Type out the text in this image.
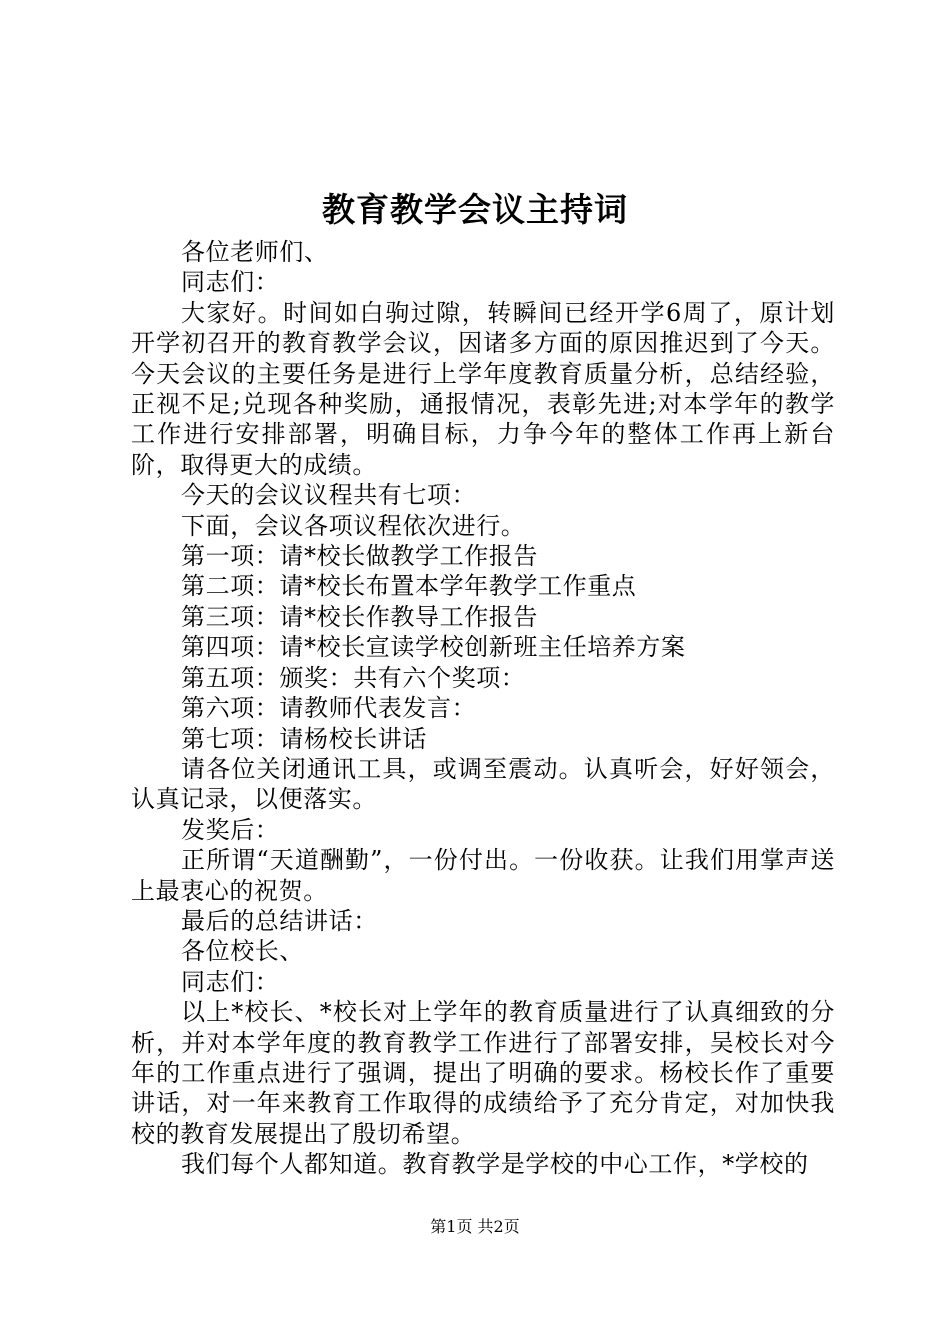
教育教学会议主持词

各位老师们、

同志们：

大家好。时间如白驹过隙，转瞬间已经开学6周了，原计划开学初召开的教育教学会议，因诸多方面的原因推迟到了今天。今天会议的主要任务是进行上学年度教育质量分析，总结经验，正视不足;兑现各种奖励，通报情况，表彰先进;对本学年的教学工作进行安排部署，明确目标，力争今年的整体工作再上新台阶，取得更大的成绩。

今天的会议议程共有七项：

下面，会议各项议程依次进行。

第一项：请*校长做教学工作报告

第二项：请*校长布置本学年教学工作重点

第三项：请*校长作教导工作报告

第四项：请*校长宣读学校创新班主任培养方案

第五项：颁奖：共有六个奖项：

第六项：请教师代表发言：

第七项：请杨校长讲话

请各位关闭通讯工具，或调至震动。认真听会，好好领会，认真记录，以便落实。

发奖后：

正所谓“天道酬勤”，一份付出。一份收获。让我们用掌声送上最衷心的祝贺。

最后的总结讲话：

各位校长、

同志们：

以上*校长、*校长对上学年的教育质量进行了认真细致的分析，并对本学年度的教育教学工作进行了部署安排，吴校长对今年的工作重点进行了强调，提出了明确的要求。杨校长作了重要讲话，对一年来教育工作取得的成绩给予了充分肯定，对加快我校的教育发展提出了殷切希望。

我们每个人都知道。教育教学是学校的中心工作，*学校的

第1页 共2页
